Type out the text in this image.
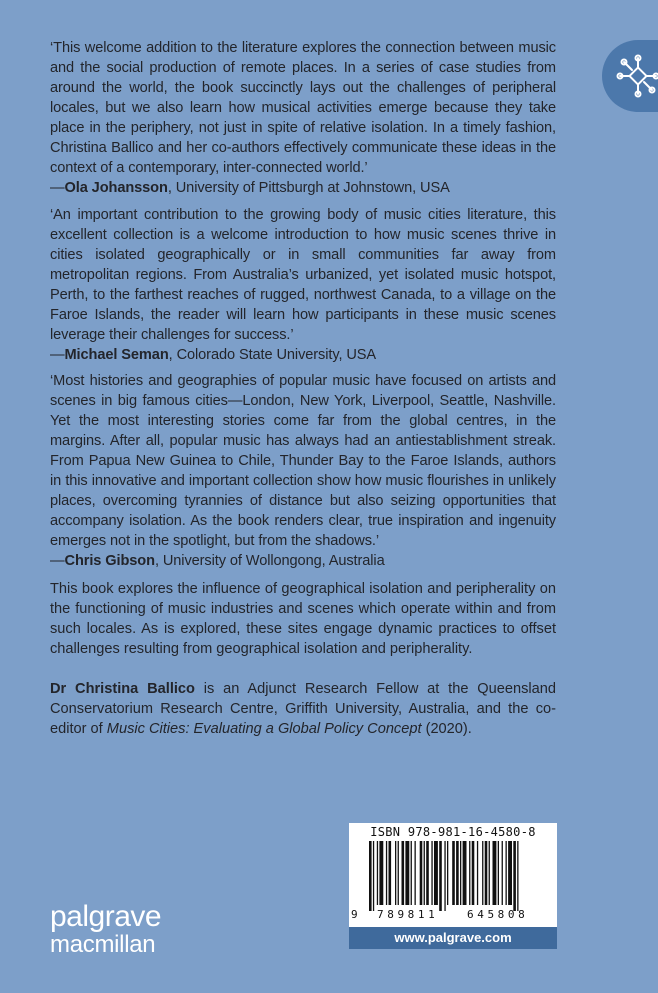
‘This welcome addition to the literature explores the connection between music and the social production of remote places. In a series of case studies from around the world, the book succinctly lays out the challenges of peripheral locales, but we also learn how musical activities emerge because they take place in the periphery, not just in spite of relative isolation. In a timely fashion, Christina Ballico and her co-authors effectively communicate these ideas in the context of a contemporary, inter-connected world.’

—Ola Johansson, University of Pittsburgh at Johnstown, USA

‘An important contribution to the growing body of music cities literature, this excellent collection is a welcome introduction to how music scenes thrive in cities isolated geographically or in small communities far away from metropolitan regions. From Australia’s urbanized, yet isolated music hotspot, Perth, to the farthest reaches of rugged, northwest Canada, to a village on the Faroe Islands, the reader will learn how participants in these music scenes leverage their challenges for success.’

—Michael Seman, Colorado State University, USA

‘Most histories and geographies of popular music have focused on artists and scenes in big famous cities—London, New York, Liverpool, Seattle, Nashville. Yet the most interesting stories come far from the global centres, in the margins. After all, popular music has always had an antiestablishment streak. From Papua New Guinea to Chile, Thunder Bay to the Faroe Islands, authors in this innovative and important collection show how music flourishes in unlikely places, overcoming tyrannies of distance but also seizing opportunities that accompany isolation. As the book renders clear, true inspiration and ingenuity emerges not in the spotlight, but from the shadows.’

—Chris Gibson, University of Wollongong, Australia

This book explores the influence of geographical isolation and peripherality on the functioning of music industries and scenes which operate within and from such locales. As is explored, these sites engage dynamic practices to offset challenges resulting from geographical isolation and peripherality.

Dr Christina Ballico is an Adjunct Research Fellow at the Queensland Conservatorium Research Centre, Griffith University, Australia, and the co-editor of Music Cities: Evaluating a Global Policy Concept (2020).

ISBN 978-981-16-4580-8
9 789811	645808
www.palgrave.com
palgrave
macmillan
